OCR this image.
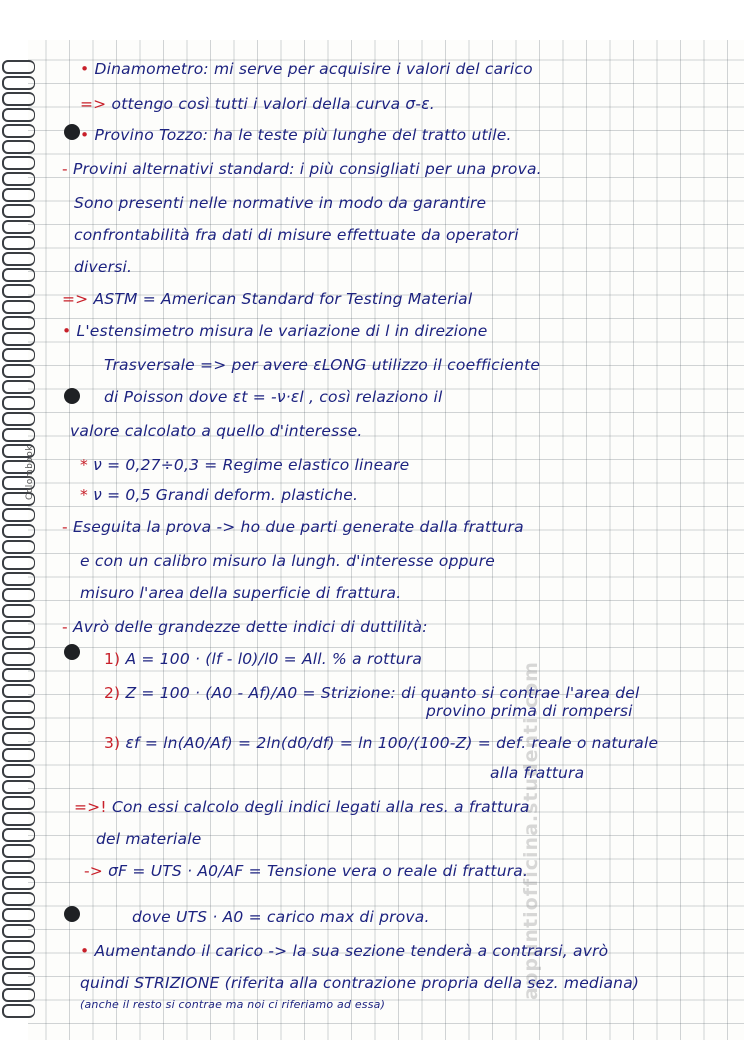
Colombook
appuntiofficina.studenti.com
• Dinamometro: mi serve per acquisire i valori del carico
=> ottengo così tutti i valori della curva σ-ε.
• Provino Tozzo: ha le teste più lunghe del tratto utile.
- Provini alternativi standard: i più consigliati per una prova.
Sono presenti nelle normative in modo da garantire
confrontabilità fra dati di misure effettuate da operatori
diversi.
=> ASTM = American Standard for Testing Material
• L'estensimetro misura le variazione di l in direzione
Trasversale => per avere εLONG utilizzo il coefficiente
di Poisson dove εt = -ν·εl , così relaziono il
valore calcolato a quello d'interesse.
* ν = 0,27÷0,3 = Regime elastico lineare
* ν = 0,5 Grandi deform. plastiche.
- Eseguita la prova -> ho due parti generate dalla frattura
e con un calibro misuro la lungh. d'interesse oppure
misuro l'area della superficie di frattura.
- Avrò delle grandezze dette indici di duttilità:
1) A = 100 · (lf - l0)/l0 = All. % a rottura
2) Z = 100 · (A0 - Af)/A0 = Strizione: di quanto si contrae l'area del
provino prima di rompersi
3) εf = ln(A0/Af) = 2ln(d0/df) = ln 100/(100-Z) = def. reale o naturale
alla frattura
=>! Con essi calcolo degli indici legati alla res. a frattura
del materiale
-> σF = UTS · A0/AF = Tensione vera o reale di frattura.
dove UTS · A0 = carico max di prova.
• Aumentando il carico -> la sua sezione tenderà a contrarsi, avrò
quindi STRIZIONE (riferita alla contrazione propria della sez. mediana)
(anche il resto si contrae ma noi ci riferiamo ad essa)
